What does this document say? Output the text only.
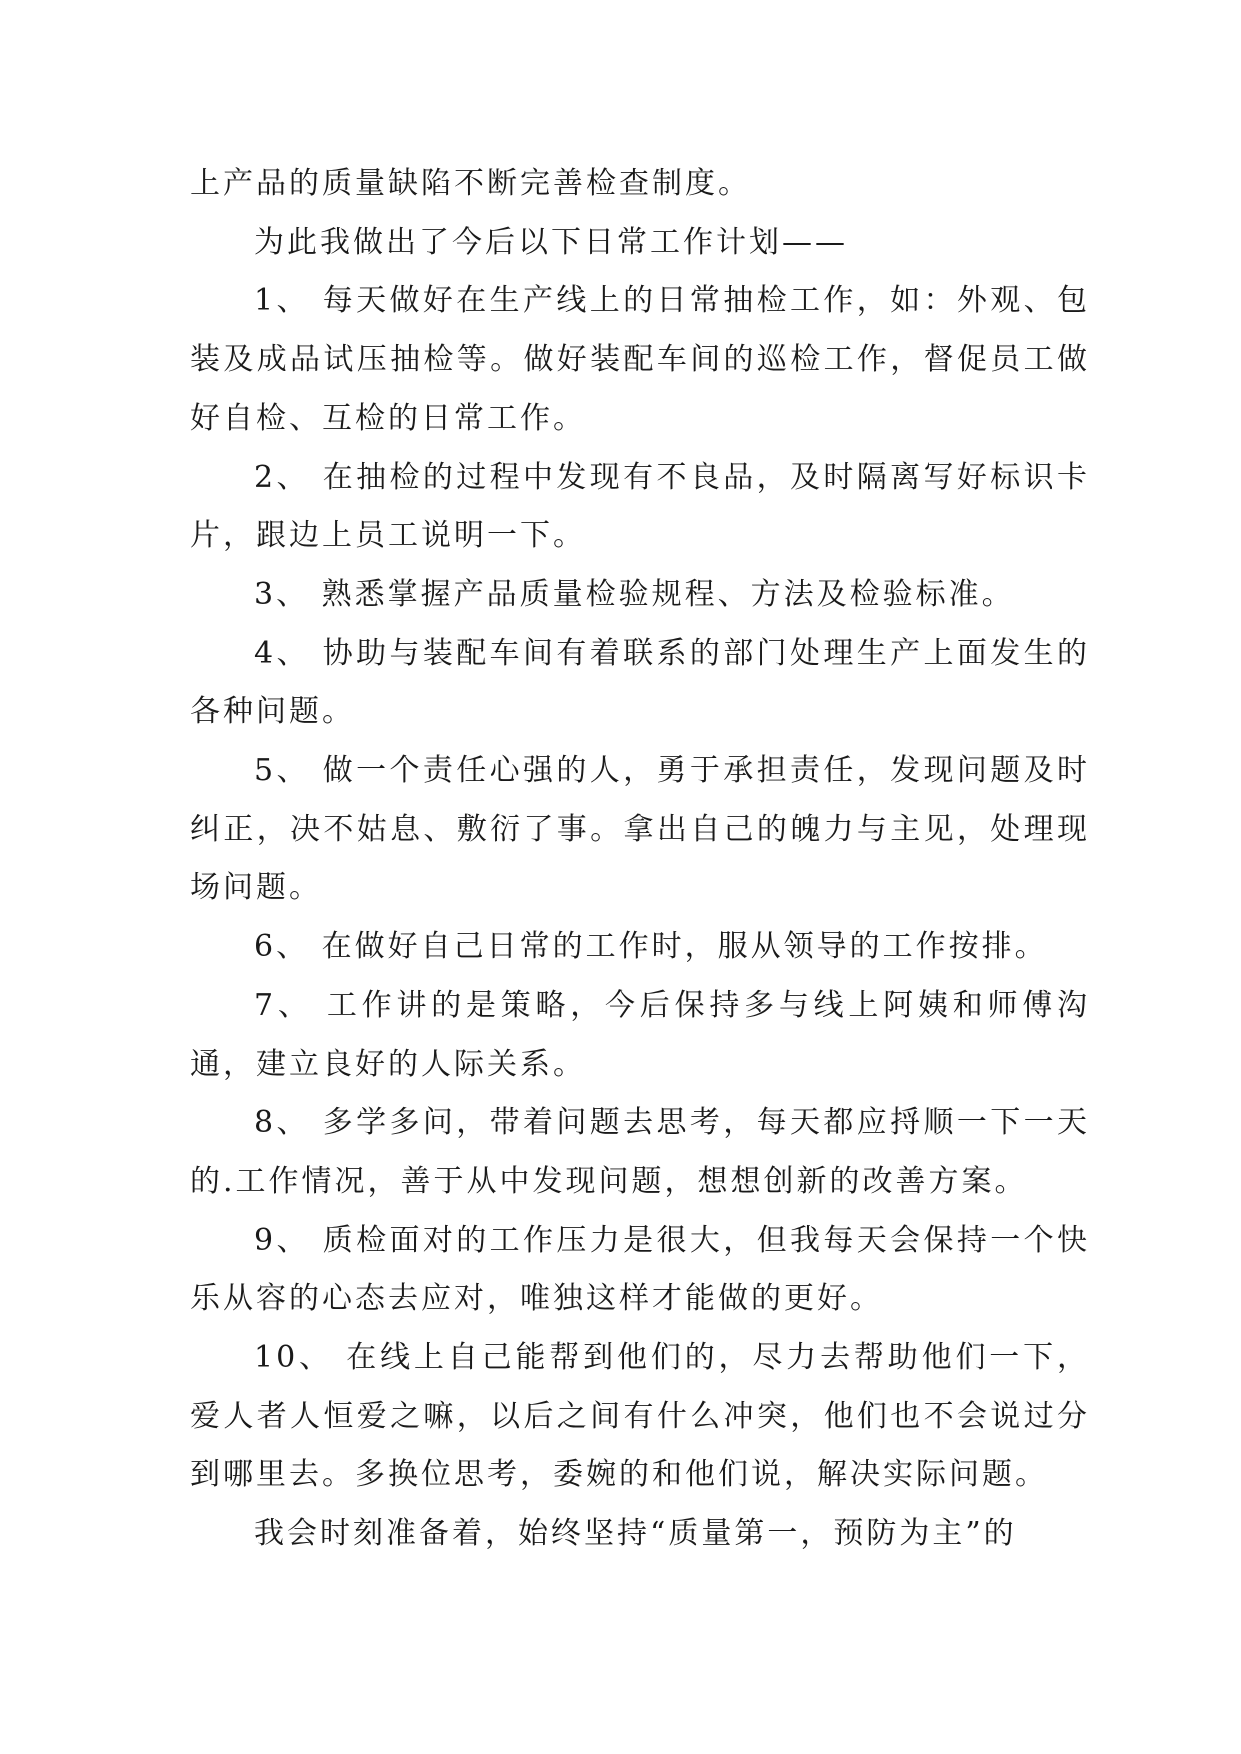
上产品的质量缺陷不断完善检查制度。

为此我做出了今后以下日常工作计划——

1、 每天做好在生产线上的日常抽检工作，如：外观、包装及成品试压抽检等。做好装配车间的巡检工作，督促员工做好自检、互检的日常工作。

2、 在抽检的过程中发现有不良品，及时隔离写好标识卡片，跟边上员工说明一下。

3、 熟悉掌握产品质量检验规程、方法及检验标准。

4、 协助与装配车间有着联系的部门处理生产上面发生的各种问题。

5、 做一个责任心强的人，勇于承担责任，发现问题及时纠正，决不姑息、敷衍了事。拿出自己的魄力与主见，处理现场问题。

6、 在做好自己日常的工作时，服从领导的工作按排。

7、 工作讲的是策略，今后保持多与线上阿姨和师傅沟通，建立良好的人际关系。

8、 多学多问，带着问题去思考，每天都应捋顺一下一天的.工作情况，善于从中发现问题，想想创新的改善方案。

9、 质检面对的工作压力是很大，但我每天会保持一个快乐从容的心态去应对，唯独这样才能做的更好。

10、 在线上自己能帮到他们的，尽力去帮助他们一下，爱人者人恒爱之嘛，以后之间有什么冲突，他们也不会说过分到哪里去。多换位思考，委婉的和他们说，解决实际问题。

我会时刻准备着，始终坚持“质量第一，预防为主”的
